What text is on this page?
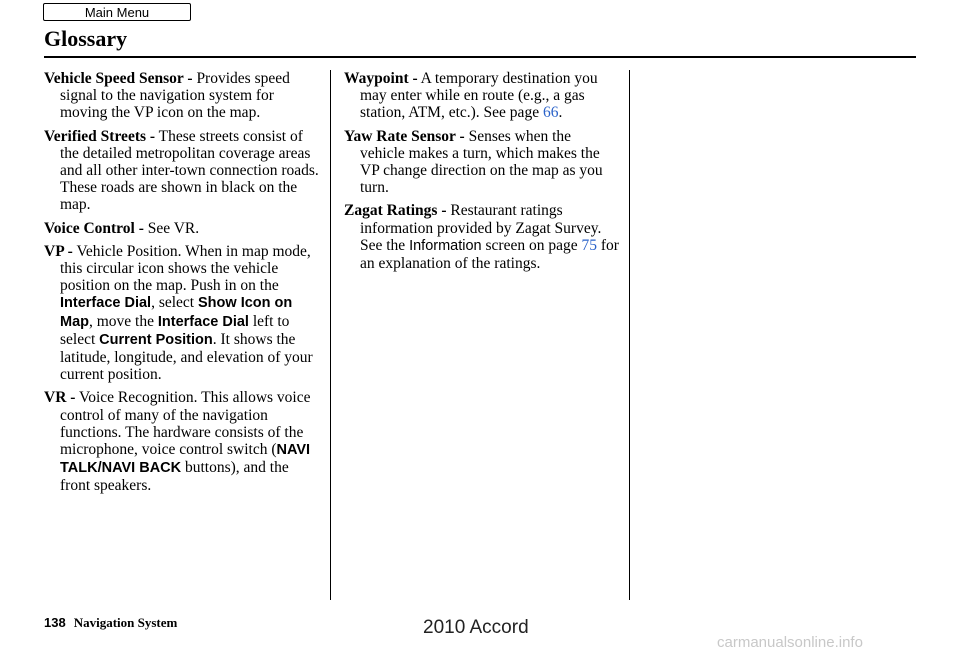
Main Menu
Glossary

Vehicle Speed Sensor - Provides speed signal to the navigation system for moving the VP icon on the map.

Verified Streets - These streets consist of the detailed metropolitan coverage areas and all other inter-town connection roads. These roads are shown in black on the map.

Voice Control - See VR.

VP - Vehicle Position. When in map mode, this circular icon shows the vehicle position on the map. Push in on the Interface Dial, select Show Icon on Map, move the Interface Dial left to select Current Position. It shows the latitude, longitude, and elevation of your current position.

VR - Voice Recognition. This allows voice control of many of the navigation functions. The hardware consists of the microphone, voice control switch (NAVI TALK/NAVI BACK buttons), and the front speakers.

Waypoint - A temporary destination you may enter while en route (e.g., a gas station, ATM, etc.). See page 66.

Yaw Rate Sensor - Senses when the vehicle makes a turn, which makes the VP change direction on the map as you turn.

Zagat Ratings - Restaurant ratings information provided by Zagat Survey. See the Information screen on page 75 for an explanation of the ratings.

138 Navigation System	2010 Accord
carmanualsonline.info
